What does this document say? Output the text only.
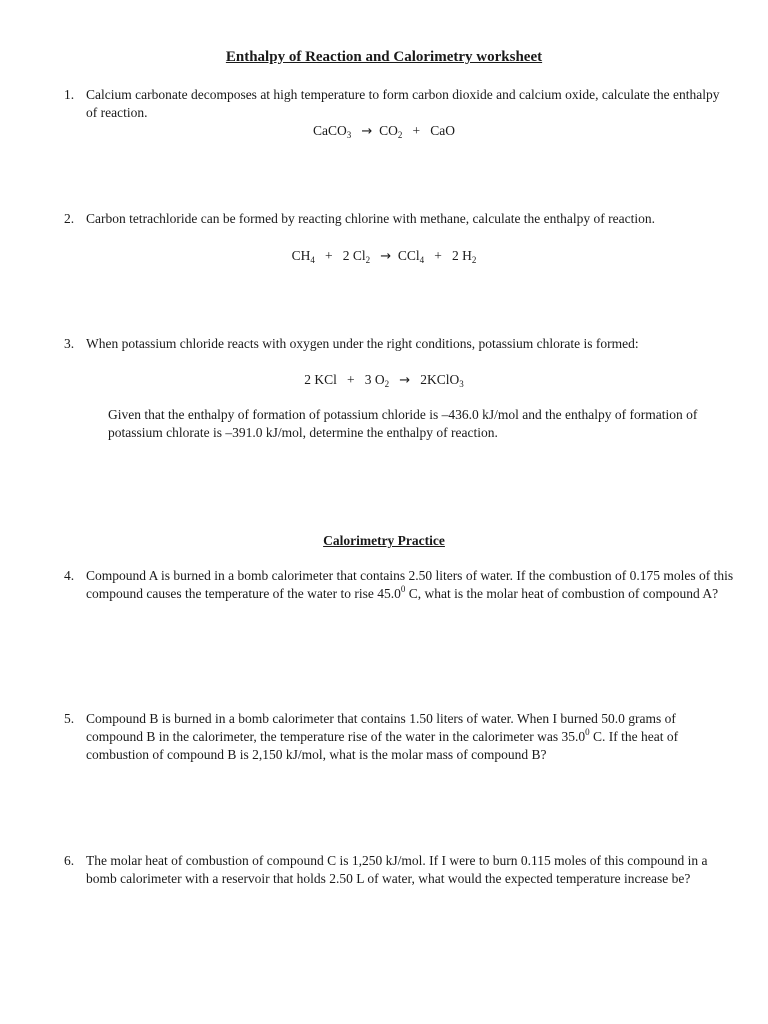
Enthalpy of Reaction and Calorimetry worksheet
1. Calcium carbonate decomposes at high temperature to form carbon dioxide and calcium oxide, calculate the enthalpy of reaction.
CaCO$_3$ → $CO_2$ + CaO
2. Carbon tetrachloride can be formed by reacting chlorine with methane, calculate the enthalpy of reaction.
$CH_4 + 2$ $Cl_2 \to CCl_4 + 2$ $H_2$
3. When potassium chloride reacts with oxygen under the right conditions, potassium chlorate is formed:
2 KCl + 3 $O_2$ → 2KClO$_3$
Given that the enthalpy of formation of potassium chloride is –436.0 kJ/mol and the enthalpy of formation of potassium chlorate is –391.0 kJ/mol, determine the enthalpy of reaction.
Calorimetry Practice
4. Compound A is burned in a bomb calorimeter that contains 2.50 liters of water. If the combustion of 0.175 moles of this compound causes the temperature of the water to rise 45.0$^0$ C, what is the molar heat of combustion of compound A?
5. Compound B is burned in a bomb calorimeter that contains 1.50 liters of water. When I burned 50.0 grams of compound B in the calorimeter, the temperature rise of the water in the calorimeter was 35.0$^0$ C. If the heat of combustion of compound B is 2,150 kJ/mol, what is the molar mass of compound B?
6. The molar heat of combustion of compound C is 1,250 kJ/mol. If I were to burn 0.115 moles of this compound in a bomb calorimeter with a reservoir that holds 2.50 L of water, what would the expected temperature increase be?
